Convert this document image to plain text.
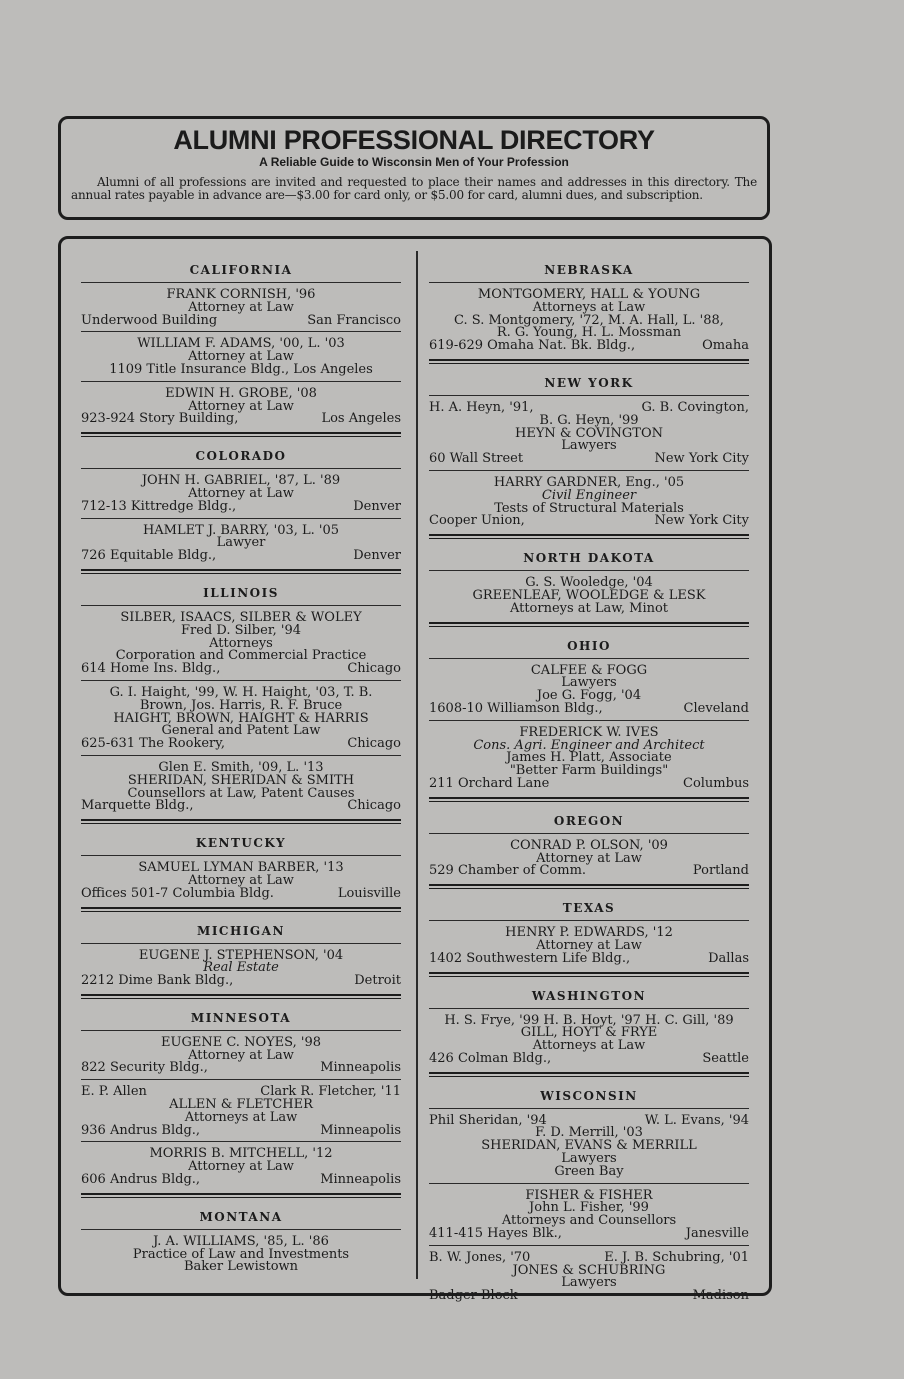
ALUMNI PROFESSIONAL DIRECTORY

A Reliable Guide to Wisconsin Men of Your Profession

Alumni of all professions are invited and requested to place their names and addresses in this directory. The annual rates payable in advance are—$3.00 for card only, or $5.00 for card, alumni dues, and subscription.

CALIFORNIA

FRANK CORNISH, '96

Attorney at Law

Underwood Building	San Francisco

WILLIAM F. ADAMS, '00, L. '03

Attorney at Law

1109 Title Insurance Bldg., Los Angeles

EDWIN H. GROBE, '08

Attorney at Law

923-924 Story Building,	Los Angeles

COLORADO

JOHN H. GABRIEL, '87, L. '89

Attorney at Law

712-13 Kittredge Bldg.,	Denver

HAMLET J. BARRY, '03, L. '05

Lawyer

726 Equitable Bldg.,	Denver

ILLINOIS

SILBER, ISAACS, SILBER & WOLEY

Fred D. Silber, '94

Attorneys

Corporation and Commercial Practice

614 Home Ins. Bldg.,	Chicago

G. I. Haight, '99, W. H. Haight, '03, T. B.

Brown, Jos. Harris, R. F. Bruce

HAIGHT, BROWN, HAIGHT & HARRIS

General and Patent Law

625-631 The Rookery,	Chicago

Glen E. Smith, '09, L. '13

SHERIDAN, SHERIDAN & SMITH

Counsellors at Law, Patent Causes

Marquette Bldg.,	Chicago

KENTUCKY

SAMUEL LYMAN BARBER, '13

Attorney at Law

Offices 501-7 Columbia Bldg.	Louisville

MICHIGAN

EUGENE J. STEPHENSON, '04

Real Estate

2212 Dime Bank Bldg.,	Detroit

MINNESOTA

EUGENE C. NOYES, '98

Attorney at Law

822 Security Bldg.,	Minneapolis

E. P. Allen	Clark R. Fletcher, '11

ALLEN & FLETCHER

Attorneys at Law

936 Andrus Bldg.,	Minneapolis

MORRIS B. MITCHELL, '12

Attorney at Law

606 Andrus Bldg.,	Minneapolis

MONTANA

J. A. WILLIAMS, '85, L. '86

Practice of Law and Investments

Baker Lewistown

NEBRASKA

MONTGOMERY, HALL & YOUNG

Attorneys at Law

C. S. Montgomery, '72, M. A. Hall, L. '88,

R. G. Young, H. L. Mossman

619-629 Omaha Nat. Bk. Bldg.,	Omaha

NEW YORK

H. A. Heyn, '91,	G. B. Covington,

B. G. Heyn, '99

HEYN & COVINGTON

Lawyers

60 Wall Street	New York City

HARRY GARDNER, Eng., '05

Civil Engineer

Tests of Structural Materials

Cooper Union,	New York City

NORTH DAKOTA

G. S. Wooledge, '04

GREENLEAF, WOOLEDGE & LESK

Attorneys at Law, Minot

OHIO

CALFEE & FOGG

Lawyers

Joe G. Fogg, '04

1608-10 Williamson Bldg.,	Cleveland

FREDERICK W. IVES

Cons. Agri. Engineer and Architect

James H. Platt, Associate

"Better Farm Buildings"

211 Orchard Lane	Columbus

OREGON

CONRAD P. OLSON, '09

Attorney at Law

529 Chamber of Comm.	Portland

TEXAS

HENRY P. EDWARDS, '12

Attorney at Law

1402 Southwestern Life Bldg.,	Dallas

WASHINGTON

H. S. Frye, '99 H. B. Hoyt, '97 H. C. Gill, '89

GILL, HOYT & FRYE

Attorneys at Law

426 Colman Bldg.,	Seattle

WISCONSIN

Phil Sheridan, '94	W. L. Evans, '94

F. D. Merrill, '03

SHERIDAN, EVANS & MERRILL

Lawyers

Green Bay

FISHER & FISHER

John L. Fisher, '99

Attorneys and Counsellors

411-415 Hayes Blk.,	Janesville

B. W. Jones, '70	E. J. B. Schubring, '01

JONES & SCHUBRING

Lawyers

Badger Block	Madison
